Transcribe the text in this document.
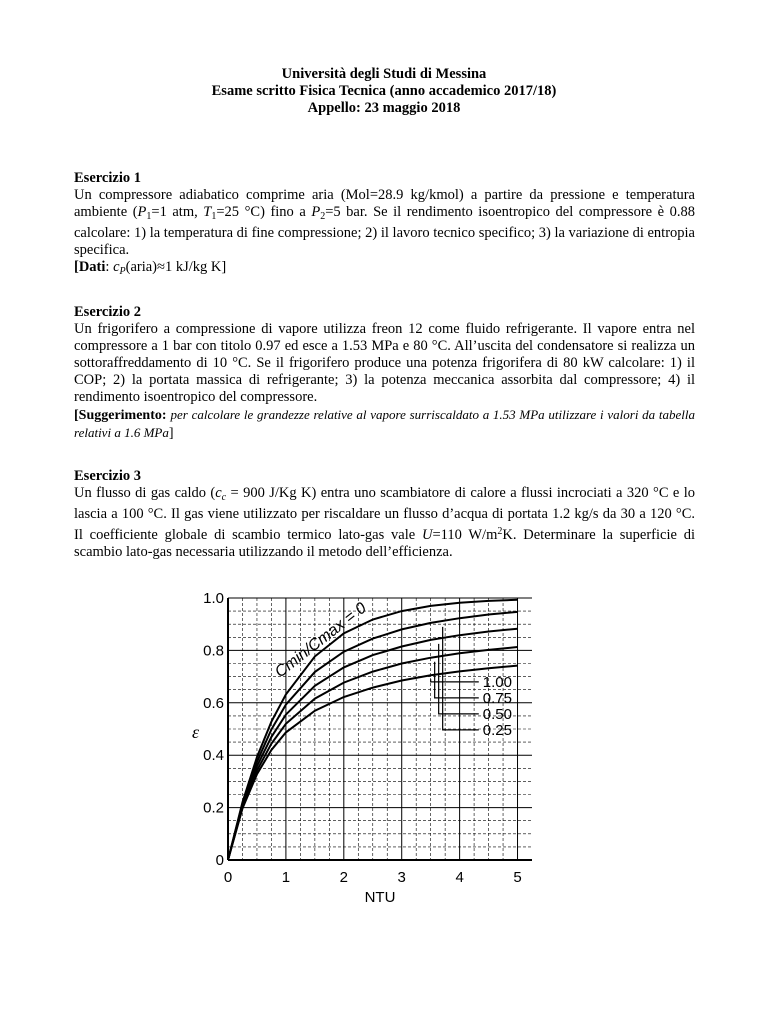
Università degli Studi di Messina
Esame scritto Fisica Tecnica (anno accademico 2017/18)
Appello: 23 maggio 2018

Esercizio 1

Un compressore adiabatico comprime aria (Mol=28.9 kg/kmol) a partire da pressione e temperatura ambiente ($P_1=1$ atm, $T_1=25$ °C) fino a $P_2=5$ bar. Se il rendimento isoentropico del compressore è 0.88 calcolare: 1) la temperatura di fine compressione; 2) il lavoro tecnico specifico; 3) la variazione di entropia specifica.

[Dati: $c_P(aria)\approx 1$ kJ/kg K]

Esercizio 2

Un frigorifero a compressione di vapore utilizza freon 12 come fluido refrigerante. Il vapore entra nel compressore a 1 bar con titolo 0.97 ed esce a 1.53 MPa e 80 °C. All’uscita del condensatore si realizza un sottoraffreddamento di 10 °C. Se il frigorifero produce una potenza frigorifera di 80 kW calcolare: 1) il COP; 2) la portata massica di refrigerante; 3) la potenza meccanica assorbita dal compressore; 4) il rendimento isoentropico del compressore.

[Suggerimento: per calcolare le grandezze relative al vapore surriscaldato a 1.53 MPa utilizzare i valori da tabella relativi a 1.6 MPa]

Esercizio 3

Un flusso di gas caldo ($c_c = 900$ J/Kg K) entra uno scambiatore di calore a flussi incrociati a 320 °C e lo lascia a 100 °C. Il gas viene utilizzato per riscaldare un flusso d’acqua di portata 1.2 kg/s da 30 a 120 °C. Il coefficiente globale di scambio termico lato-gas vale U=110 $W/m^2K$. Determinare la superficie di scambio lato-gas necessaria utilizzando il metodo dell’efficienza.

0	1	2	3	4	5
0
0.2
0.4
0.6
0.8
1.0
NTU
ε
Cmin/Cmax = 0
1.00
0.75
0.50
0.25
